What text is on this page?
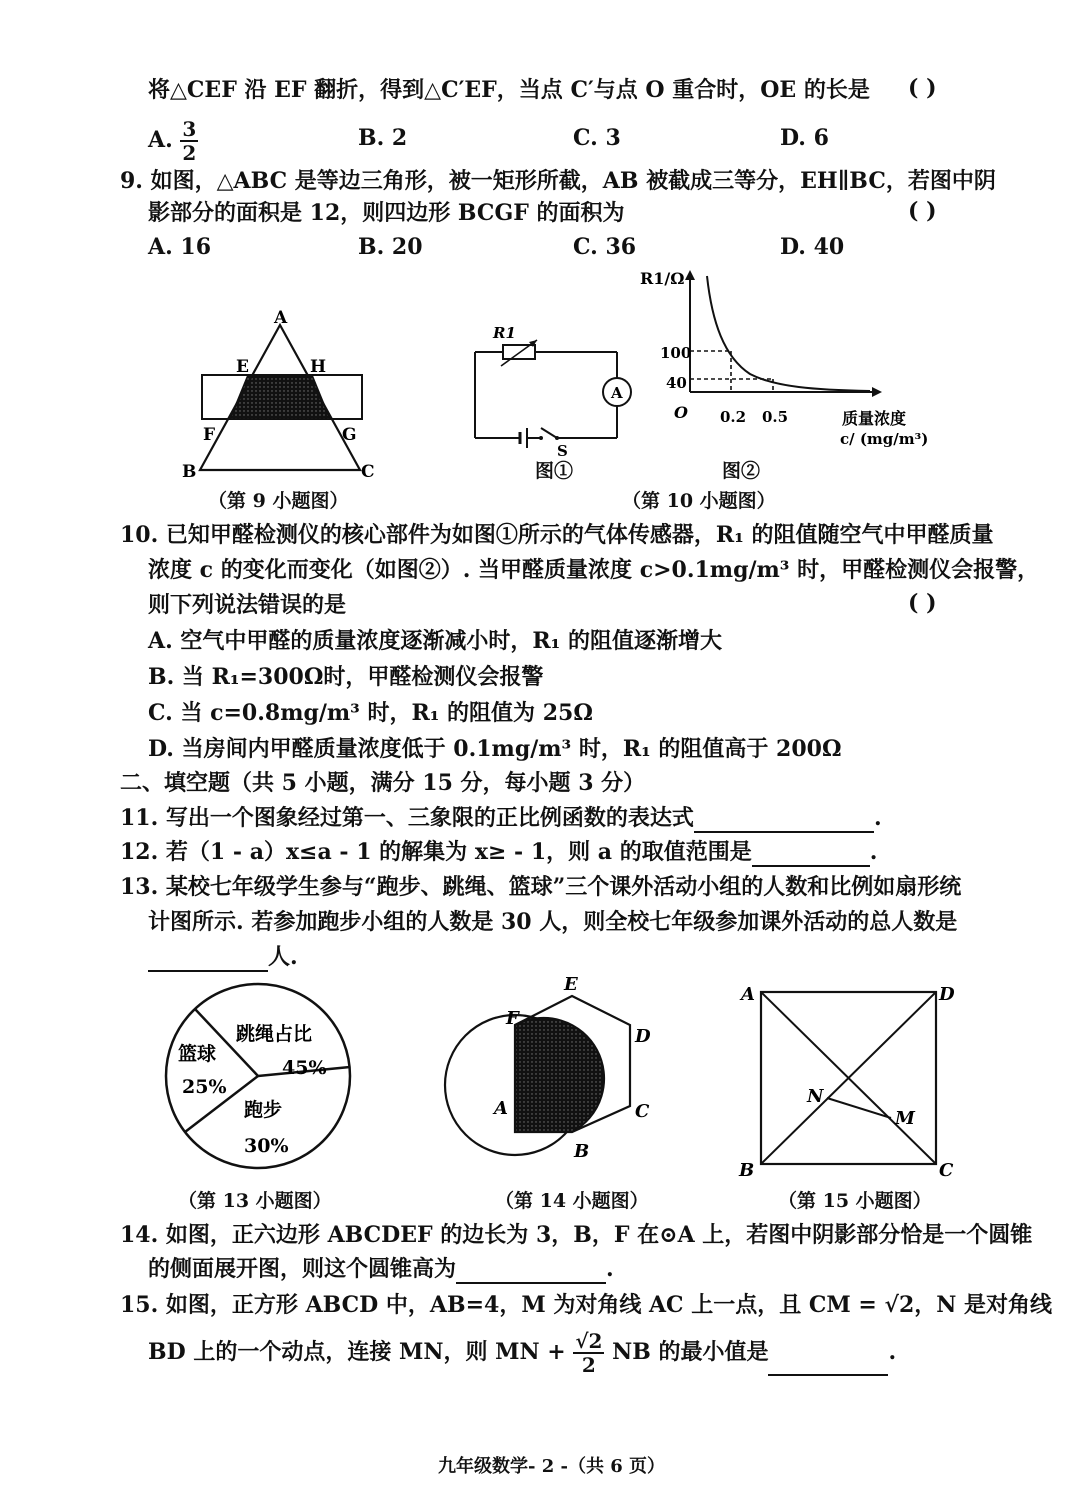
将△CEF 沿 EF 翻折，得到△C′EF，当点 C′与点 O 重合时，OE 的长是 ( )
A. $\frac{3}{2}$	B. 2	C. 3	D. 6
9. 如图，△ABC 是等边三角形，被一矩形所截，AB 被截成三等分，EH∥BC，若图中阴
影部分的面积是 12，则四边形 BCGF 的面积为	( )
A. 16	B. 20	C. 36	D. 40
A
E	H
F	G
B	C
（第 9 小题图）
A
R1
S
图①
R1/Ω
100
40
O 0.2 0.5	质量浓度
c/ (mg/m³)
图②
（第 10 小题图）
10. 已知甲醛检测仪的核心部件为如图①所示的气体传感器，R₁ 的阻值随空气中甲醛质量
浓度 c 的变化而变化（如图②）. 当甲醛质量浓度 c>0.1mg/m³ 时，甲醛检测仪会报警，
则下列说法错误的是	( )
A. 空气中甲醛的质量浓度逐渐减小时，R₁ 的阻值逐渐增大
B. 当 R₁=300Ω时，甲醛检测仪会报警
C. 当 c=0.8mg/m³ 时，R₁ 的阻值为 25Ω
D. 当房间内甲醛质量浓度低于 0.1mg/m³ 时，R₁ 的阻值高于 200Ω
二、填空题（共 5 小题，满分 15 分，每小题 3 分）
11. 写出一个图象经过第一、三象限的正比例函数的表达式	.
12. 若（1 - a）x≤a - 1 的解集为 x≥ - 1，则 a 的取值范围是	.
13. 某校七年级学生参与“跑步、跳绳、篮球”三个课外活动小组的人数和比例如扇形统
计图所示. 若参加跑步小组的人数是 30 人，则全校七年级参加课外活动的总人数是
人.
篮球
25%
跳绳占比
45%
跑步
30%
（第 13 小题图）
E
F
D
A	C
B
（第 14 小题图）
A	D
N
M
B	C
（第 15 小题图）
14. 如图，正六边形 ABCDEF 的边长为 3，B，F 在⊙A 上，若图中阴影部分恰是一个圆锥
的侧面展开图，则这个圆锥高为	.
15. 如图，正方形 ABCD 中，AB=4，M 为对角线 AC 上一点，且 CM = √2，N 是对角线
BD 上的一个动点，连接 MN，则 MN + $\frac{√2}{2}$ NB 的最小值是	.
九年级数学- 2 -（共 6 页）
